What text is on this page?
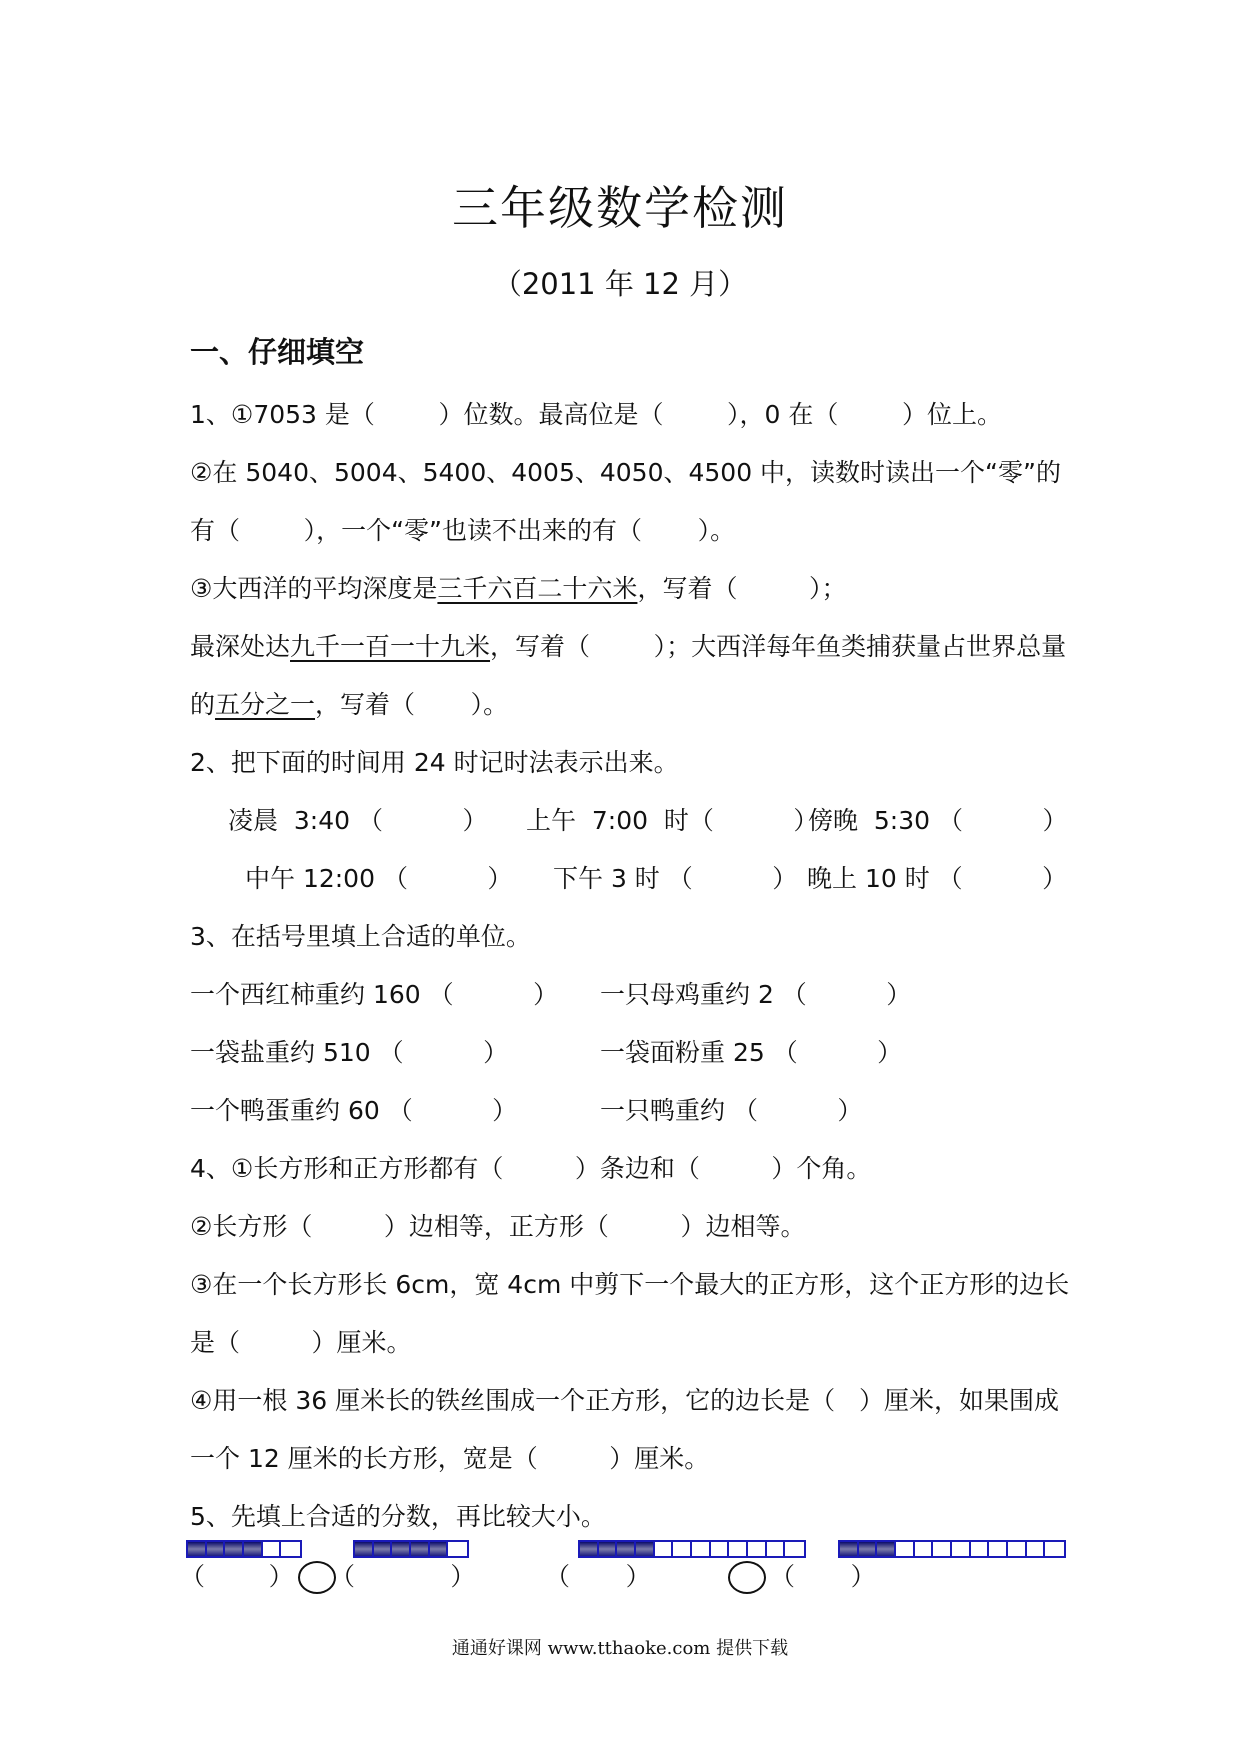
三年级数学检测
（2011 年 12 月）
一、仔细填空
1、①7053 是（        ）位数。最高位是（        ），0 在（        ）位上。
②在 5040、5004、5400、4005、4050、4500 中，读数时读出一个“零”的
有（        ），一个“零”也读不出来的有（       ）。
③大西洋的平均深度是三千六百二十六米，写着（         ）；
最深处达九千一百一十九米，写着（        ）；大西洋每年鱼类捕获量占世界总量
的五分之一，写着（       ）。
2、把下面的时间用 24 时记时法表示出来。
凌晨  3:40 （          ） 上午  7:00  时（          ）
傍晚  5:30 （          ）
中午 12:00 （          ） 下午 3 时 （          ） 晚上 10 时 （          ）
3、在括号里填上合适的单位。
一个西红柿重约 160 （          ） 一只母鸡重约 2 （          ）
一袋盐重约 510 （          ）	一袋面粉重 25 （          ）
一个鸭蛋重约 60 （          ）	一只鸭重约 （          ）
4、①长方形和正方形都有（         ）条边和（         ）个角。
②长方形（         ）边相等，正方形（         ）边相等。
③在一个长方形长 6cm，宽 4cm 中剪下一个最大的正方形，这个正方形的边长
是（         ）厘米。
④用一根 36 厘米长的铁丝围成一个正方形，它的边长是（   ）厘米，如果围成
一个 12 厘米的长方形，宽是（         ）厘米。
5、先填上合适的分数，再比较大小。
（        ） （            ）	（       ）	（       ）
通通好课网 www.tthaoke.com 提供下载
